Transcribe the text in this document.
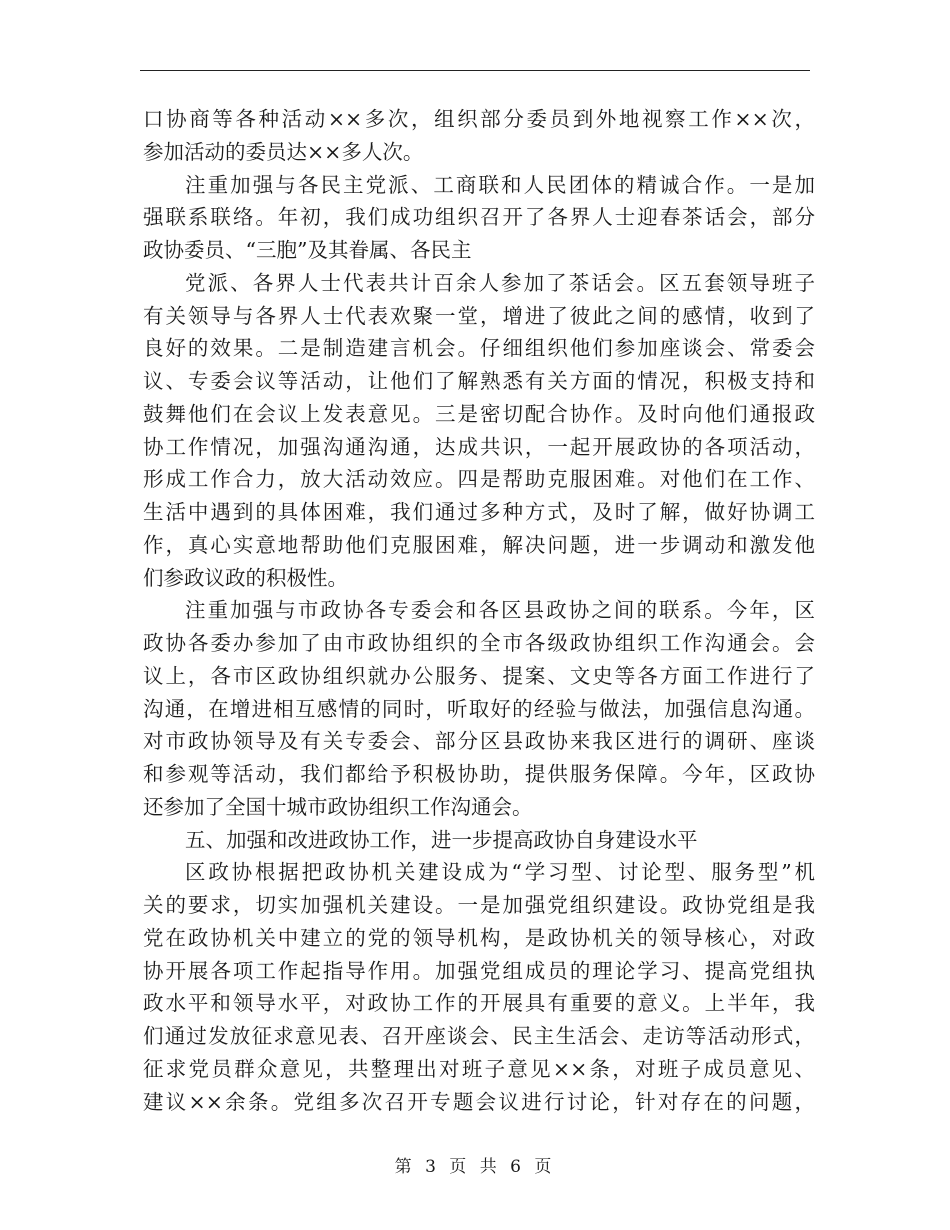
口协商等各种活动××多次，组织部分委员到外地视察工作××次，
参加活动的委员达××多人次。
注重加强与各民主党派、工商联和人民团体的精诚合作。一是加
强联系联络。年初，我们成功组织召开了各界人士迎春茶话会，部分
政协委员、“三胞”及其眷属、各民主
党派、各界人士代表共计百余人参加了茶话会。区五套领导班子
有关领导与各界人士代表欢聚一堂，增进了彼此之间的感情，收到了
良好的效果。二是制造建言机会。仔细组织他们参加座谈会、常委会
议、专委会议等活动，让他们了解熟悉有关方面的情况，积极支持和
鼓舞他们在会议上发表意见。三是密切配合协作。及时向他们通报政
协工作情况，加强沟通沟通，达成共识，一起开展政协的各项活动，
形成工作合力，放大活动效应。四是帮助克服困难。对他们在工作、
生活中遇到的具体困难，我们通过多种方式，及时了解，做好协调工
作，真心实意地帮助他们克服困难，解决问题，进一步调动和激发他
们参政议政的积极性。
注重加强与市政协各专委会和各区县政协之间的联系。今年，区
政协各委办参加了由市政协组织的全市各级政协组织工作沟通会。会
议上，各市区政协组织就办公服务、提案、文史等各方面工作进行了
沟通，在增进相互感情的同时，听取好的经验与做法，加强信息沟通。
对市政协领导及有关专委会、部分区县政协来我区进行的调研、座谈
和参观等活动，我们都给予积极协助，提供服务保障。今年，区政协
还参加了全国十城市政协组织工作沟通会。
五、加强和改进政协工作，进一步提高政协自身建设水平
区政协根据把政协机关建设成为“学习型、讨论型、服务型”机
关的要求，切实加强机关建设。一是加强党组织建设。政协党组是我
党在政协机关中建立的党的领导机构，是政协机关的领导核心，对政
协开展各项工作起指导作用。加强党组成员的理论学习、提高党组执
政水平和领导水平，对政协工作的开展具有重要的意义。上半年，我
们通过发放征求意见表、召开座谈会、民主生活会、走访等活动形式，
征求党员群众意见，共整理出对班子意见××条，对班子成员意见、
建议××余条。党组多次召开专题会议进行讨论，针对存在的问题，
第 3 页 共 6 页
